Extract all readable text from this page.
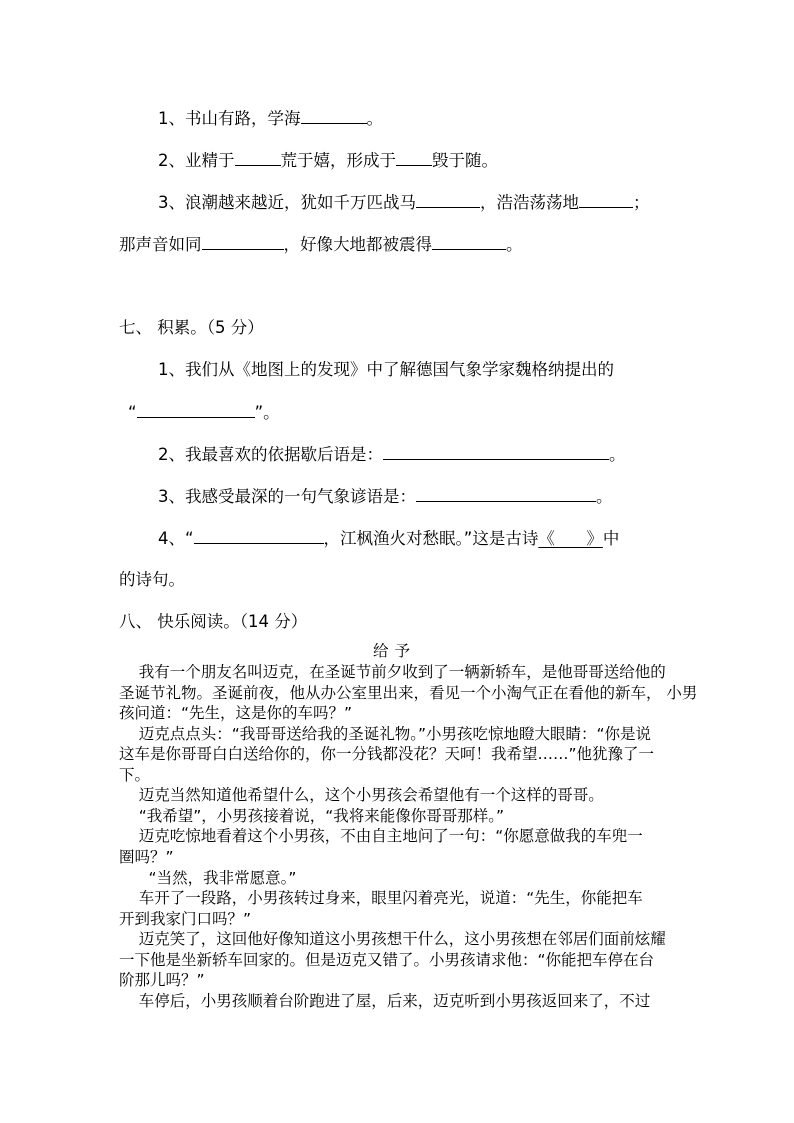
1、书山有路，学海	。
2、业精于	荒于嬉，形成于 毁于随。
3、浪潮越来越近，犹如千万匹战马	，浩浩荡荡地	；
那声音如同	，好像大地都被震得	。
七、 积累。（5 分）
1、我们从《地图上的发现》中了解德国气象学家魏格纳提出的
“	”。
2、我最喜欢的依据歇后语是：	。
3、我感受最深的一句气象谚语是：	。
4、“	，江枫渔火对愁眠。”这是古诗《      》中
的诗句。
八、 快乐阅读。（14 分）
给予
我有一个朋友名叫迈克，在圣诞节前夕收到了一辆新轿车，是他哥哥送给他的
圣诞节礼物。圣诞前夜，他从办公室里出来，看见一个小淘气正在看他的新车， 小男
孩问道：“先生，这是你的车吗？”
迈克点点头：“我哥哥送给我的圣诞礼物。”小男孩吃惊地瞪大眼睛：“你是说
这车是你哥哥白白送给你的，你一分钱都没花？天呵！我希望……”他犹豫了一
下。
迈克当然知道他希望什么，这个小男孩会希望他有一个这样的哥哥。
“我希望”，小男孩接着说，“我将来能像你哥哥那样。”
迈克吃惊地看着这个小男孩，不由自主地问了一句：“你愿意做我的车兜一
圈吗？”
“当然，我非常愿意。”
车开了一段路，小男孩转过身来，眼里闪着亮光，说道：“先生，你能把车
开到我家门口吗？”
迈克笑了，这回他好像知道这小男孩想干什么，这小男孩想在邻居们面前炫耀
一下他是坐新轿车回家的。但是迈克又错了。小男孩请求他：“你能把车停在台
阶那儿吗？”
车停后，小男孩顺着台阶跑进了屋，后来，迈克听到小男孩返回来了，不过
